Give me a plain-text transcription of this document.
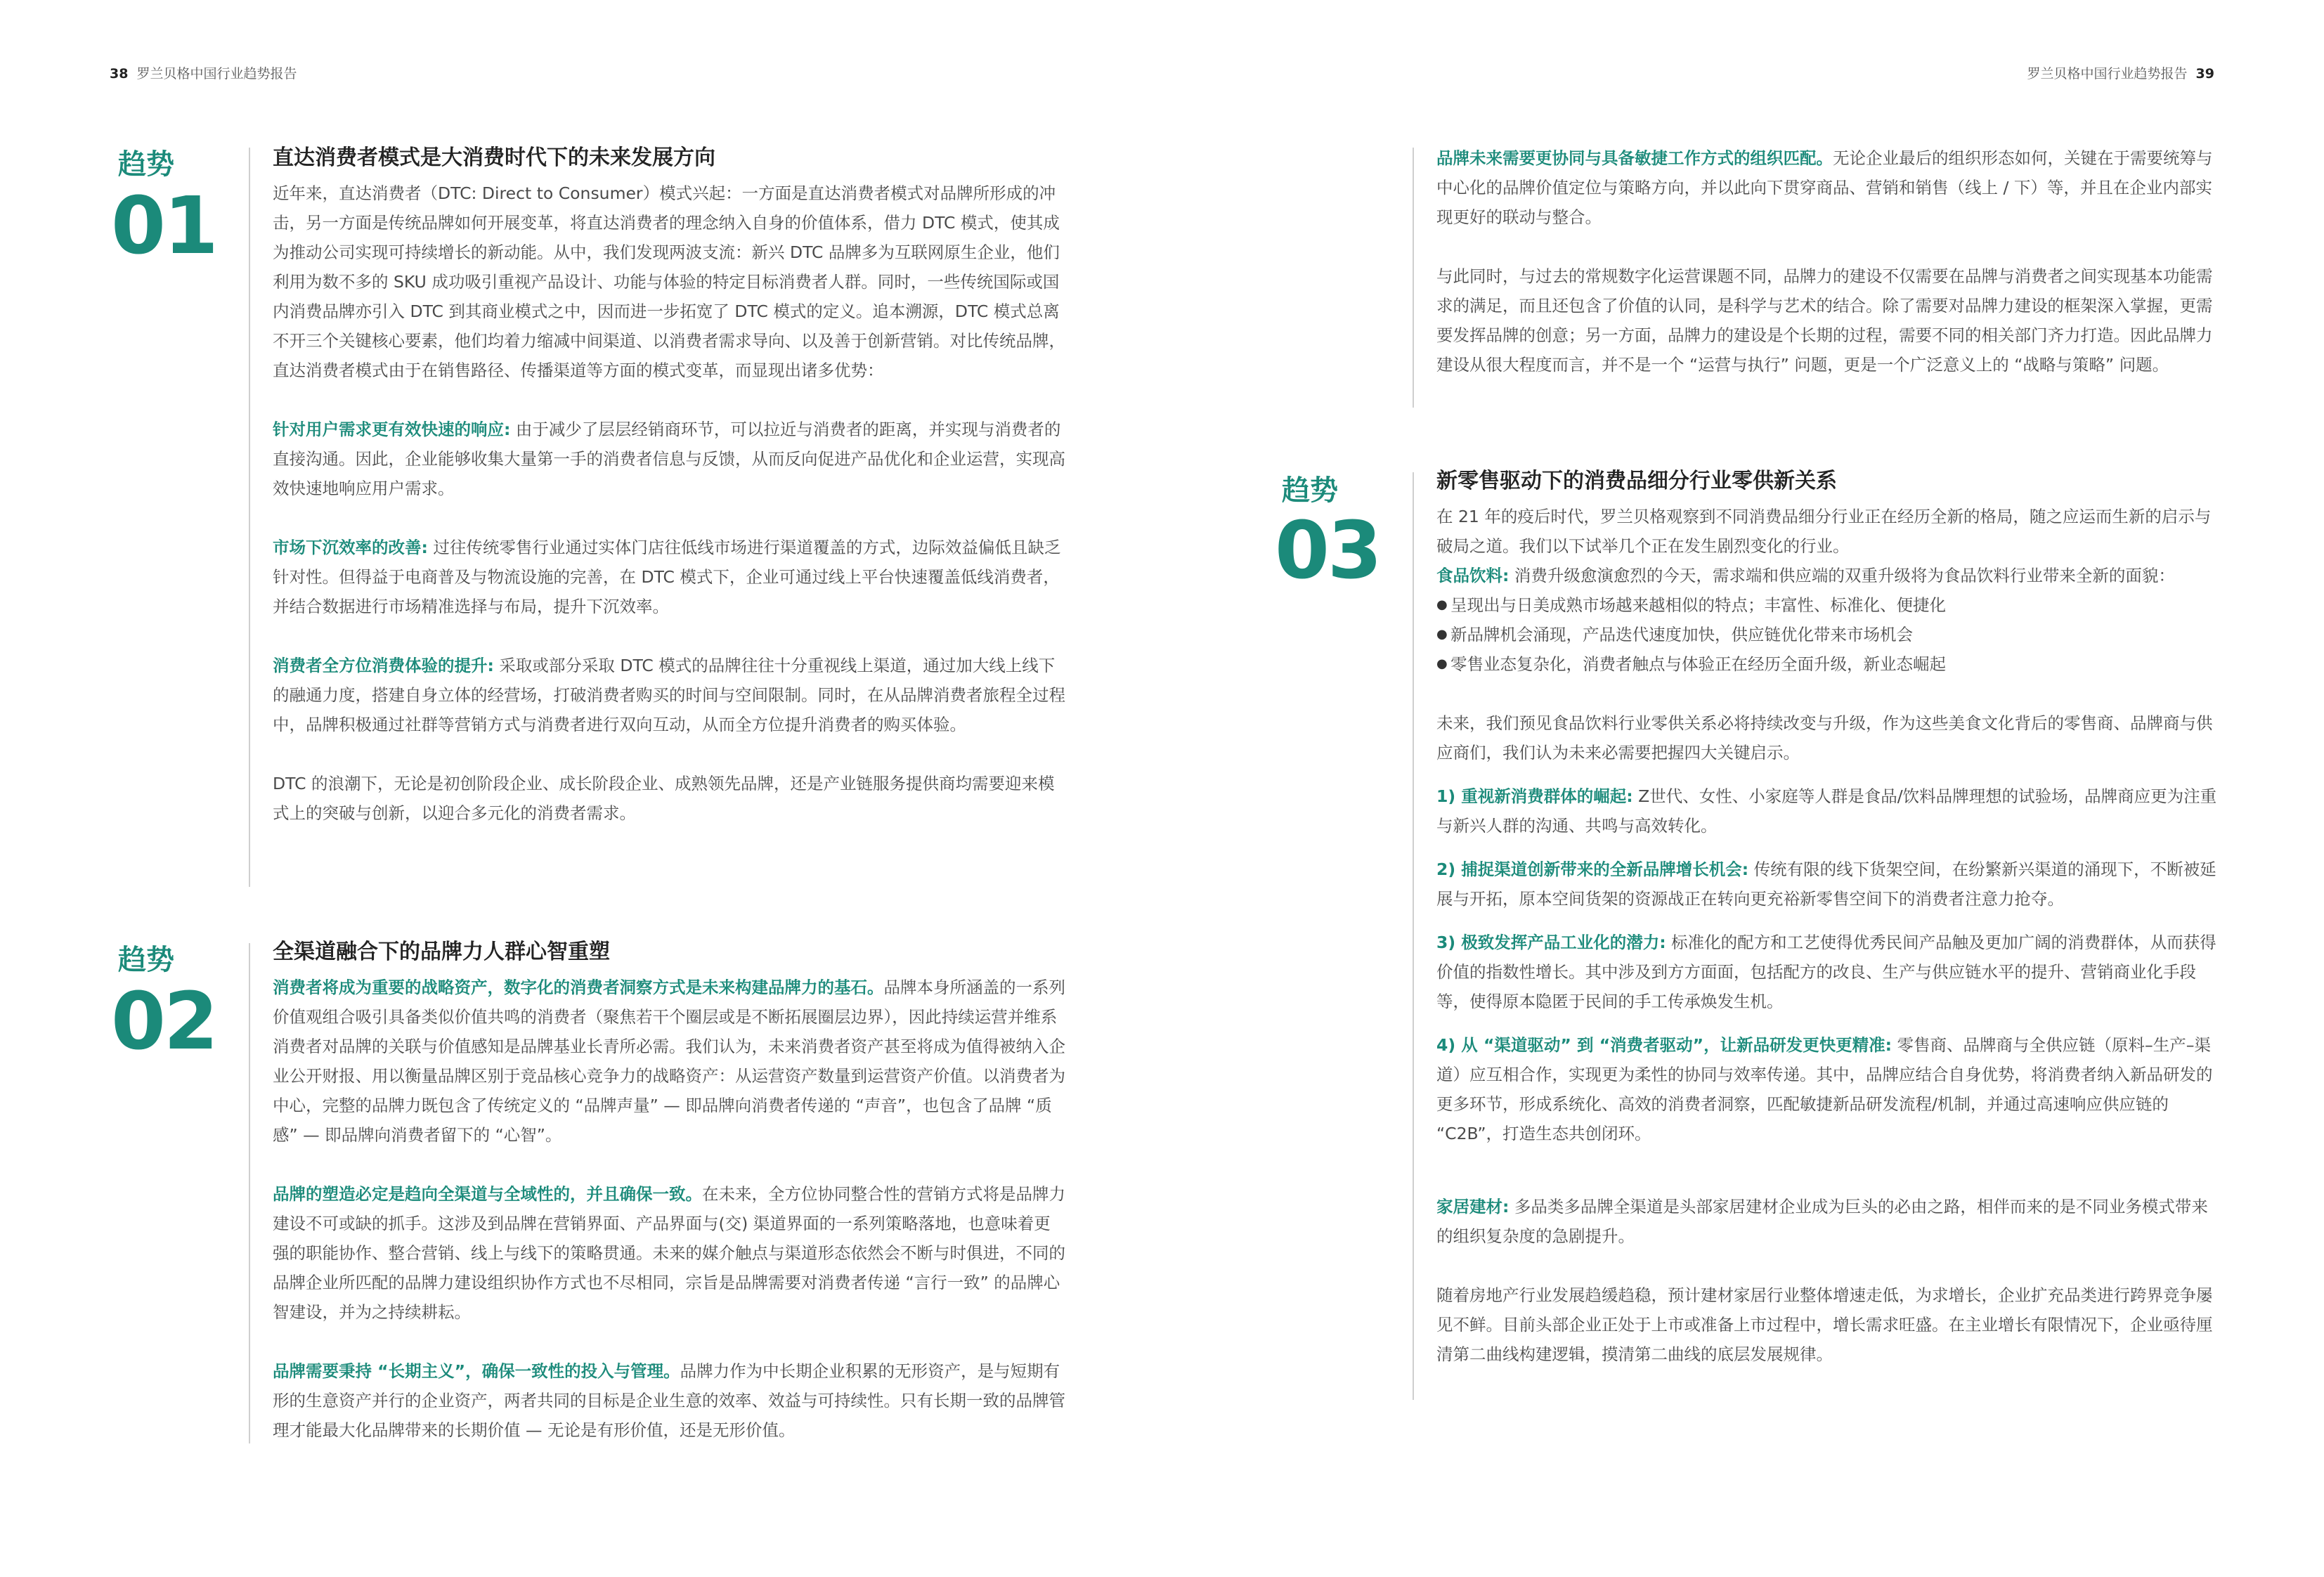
38 罗兰贝格中国行业趋势报告	罗兰贝格中国行业趋势报告 39
趋势
01

直达消费者模式是大消费时代下的未来发展方向

近年来，直达消费者（DTC: Direct to Consumer）模式兴起：一方面是直达消费者模式对品牌所形成的冲击，另一方面是传统品牌如何开展变革，将直达消费者的理念纳入自身的价值体系，借力 DTC 模式，使其成为推动公司实现可持续增长的新动能。从中，我们发现两波支流：新兴 DTC 品牌多为互联网原生企业，他们利用为数不多的 SKU 成功吸引重视产品设计、功能与体验的特定目标消费者人群。同时，一些传统国际或国内消费品牌亦引入 DTC 到其商业模式之中，因而进一步拓宽了 DTC 模式的定义。追本溯源，DTC 模式总离不开三个关键核心要素，他们均着力缩减中间渠道、以消费者需求导向、以及善于创新营销。对比传统品牌，直达消费者模式由于在销售路径、传播渠道等方面的模式变革，而显现出诸多优势：

针对用户需求更有效快速的响应: 由于减少了层层经销商环节，可以拉近与消费者的距离，并实现与消费者的直接沟通。因此，企业能够收集大量第一手的消费者信息与反馈，从而反向促进产品优化和企业运营，实现高效快速地响应用户需求。

市场下沉效率的改善: 过往传统零售行业通过实体门店往低线市场进行渠道覆盖的方式，边际效益偏低且缺乏针对性。但得益于电商普及与物流设施的完善，在 DTC 模式下，企业可通过线上平台快速覆盖低线消费者，并结合数据进行市场精准选择与布局，提升下沉效率。

消费者全方位消费体验的提升: 采取或部分采取 DTC 模式的品牌往往十分重视线上渠道，通过加大线上线下的融通力度，搭建自身立体的经营场，打破消费者购买的时间与空间限制。同时，在从品牌消费者旅程全过程中，品牌积极通过社群等营销方式与消费者进行双向互动，从而全方位提升消费者的购买体验。

DTC 的浪潮下，无论是初创阶段企业、成长阶段企业、成熟领先品牌，还是产业链服务提供商均需要迎来模式上的突破与创新，以迎合多元化的消费者需求。

趋势
02

全渠道融合下的品牌力人群心智重塑

消费者将成为重要的战略资产，数字化的消费者洞察方式是未来构建品牌力的基石。品牌本身所涵盖的一系列价值观组合吸引具备类似价值共鸣的消费者（聚焦若干个圈层或是不断拓展圈层边界），因此持续运营并维系消费者对品牌的关联与价值感知是品牌基业长青所必需。我们认为，未来消费者资产甚至将成为值得被纳入企业公开财报、用以衡量品牌区别于竞品核心竞争力的战略资产：从运营资产数量到运营资产价值。以消费者为中心，完整的品牌力既包含了传统定义的 “品牌声量” — 即品牌向消费者传递的 “声音”，也包含了品牌 “质感” — 即品牌向消费者留下的 “心智”。

品牌的塑造必定是趋向全渠道与全域性的，并且确保一致。在未来，全方位协同整合性的营销方式将是品牌力建设不可或缺的抓手。这涉及到品牌在营销界面、产品界面与(交) 渠道界面的一系列策略落地，也意味着更强的职能协作、整合营销、线上与线下的策略贯通。未来的媒介触点与渠道形态依然会不断与时俱进，不同的品牌企业所匹配的品牌力建设组织协作方式也不尽相同，宗旨是品牌需要对消费者传递 “言行一致” 的品牌心智建设，并为之持续耕耘。

品牌需要秉持 “长期主义”，确保一致性的投入与管理。品牌力作为中长期企业积累的无形资产，是与短期有形的生意资产并行的企业资产，两者共同的目标是企业生意的效率、效益与可持续性。只有长期一致的品牌管理才能最大化品牌带来的长期价值 — 无论是有形价值，还是无形价值。

品牌未来需要更协同与具备敏捷工作方式的组织匹配。无论企业最后的组织形态如何，关键在于需要统筹与中心化的品牌价值定位与策略方向，并以此向下贯穿商品、营销和销售（线上 / 下）等，并且在企业内部实现更好的联动与整合。

与此同时，与过去的常规数字化运营课题不同，品牌力的建设不仅需要在品牌与消费者之间实现基本功能需求的满足，而且还包含了价值的认同，是科学与艺术的结合。除了需要对品牌力建设的框架深入掌握，更需要发挥品牌的创意；另一方面，品牌力的建设是个长期的过程，需要不同的相关部门齐力打造。因此品牌力建设从很大程度而言，并不是一个 “运营与执行” 问题，更是一个广泛意义上的 “战略与策略” 问题。

趋势
03

新零售驱动下的消费品细分行业零供新关系

在 21 年的疫后时代，罗兰贝格观察到不同消费品细分行业正在经历全新的格局，随之应运而生新的启示与破局之道。我们以下试举几个正在发生剧烈变化的行业。

食品饮料: 消费升级愈演愈烈的今天，需求端和供应端的双重升级将为食品饮料行业带来全新的面貌：

● 呈现出与日美成熟市场越来越相似的特点；丰富性、标准化、便捷化
● 新品牌机会涌现，产品迭代速度加快，供应链优化带来市场机会
● 零售业态复杂化，消费者触点与体验正在经历全面升级，新业态崛起

未来，我们预见食品饮料行业零供关系必将持续改变与升级，作为这些美食文化背后的零售商、品牌商与供应商们，我们认为未来必需要把握四大关键启示。

1) 重视新消费群体的崛起: Z世代、女性、小家庭等人群是食品/饮料品牌理想的试验场，品牌商应更为注重与新兴人群的沟通、共鸣与高效转化。

2) 捕捉渠道创新带来的全新品牌增长机会: 传统有限的线下货架空间，在纷繁新兴渠道的涌现下，不断被延展与开拓，原本空间货架的资源战正在转向更充裕新零售空间下的消费者注意力抢夺。

3) 极致发挥产品工业化的潜力: 标准化的配方和工艺使得优秀民间产品触及更加广阔的消费群体，从而获得价值的指数性增长。其中涉及到方方面面，包括配方的改良、生产与供应链水平的提升、营销商业化手段等，使得原本隐匿于民间的手工传承焕发生机。

4) 从 “渠道驱动” 到 “消费者驱动”，让新品研发更快更精准: 零售商、品牌商与全供应链（原料–生产–渠道）应互相合作，实现更为柔性的协同与效率传递。其中，品牌应结合自身优势，将消费者纳入新品研发的更多环节，形成系统化、高效的消费者洞察，匹配敏捷新品研发流程/机制，并通过高速响应供应链的 “C2B”，打造生态共创闭环。

家居建材: 多品类多品牌全渠道是头部家居建材企业成为巨头的必由之路，相伴而来的是不同业务模式带来的组织复杂度的急剧提升。

随着房地产行业发展趋缓趋稳，预计建材家居行业整体增速走低，为求增长，企业扩充品类进行跨界竞争屡见不鲜。目前头部企业正处于上市或准备上市过程中，增长需求旺盛。在主业增长有限情况下，企业亟待厘清第二曲线构建逻辑，摸清第二曲线的底层发展规律。
